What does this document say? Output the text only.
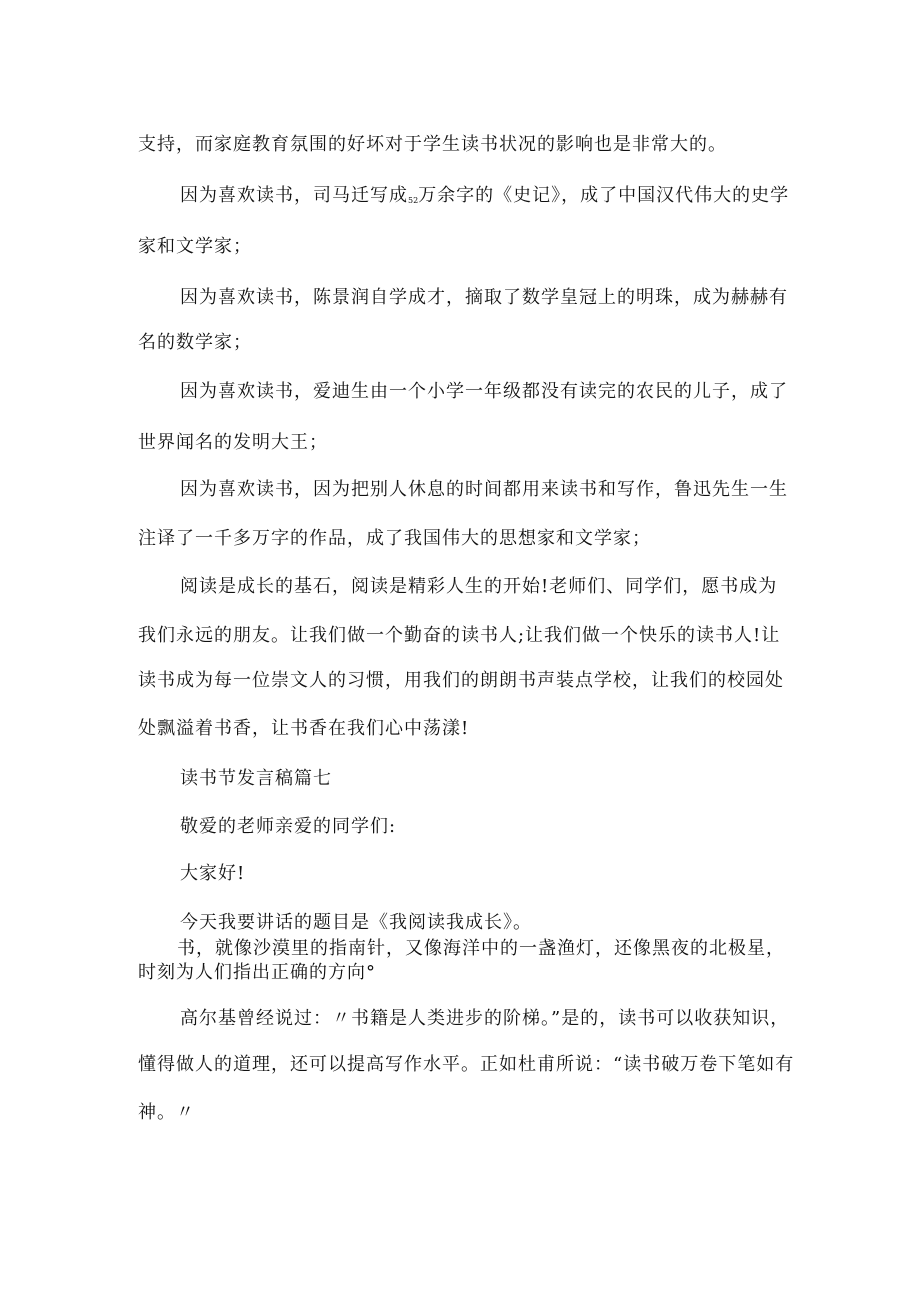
支持，而家庭教育氛围的好坏对于学生读书状况的影响也是非常大的。
因为喜欢读书，司马迁写成$_{52}$万余字的《史记》，成了中国汉代伟大的史学
家和文学家；
因为喜欢读书，陈景润自学成才，摘取了数学皇冠上的明珠，成为赫赫有
名的数学家；
因为喜欢读书，爱迪生由一个小学一年级都没有读完的农民的儿子，成了
世界闻名的发明大王；
因为喜欢读书，因为把别人休息的时间都用来读书和写作，鲁迅先生一生
注译了一千多万字的作品，成了我国伟大的思想家和文学家；
阅读是成长的基石，阅读是精彩人生的开始!老师们、同学们，愿书成为
我们永远的朋友。让我们做一个勤奋的读书人;让我们做一个快乐的读书人!让
读书成为每一位崇文人的习惯，用我们的朗朗书声装点学校，让我们的校园处
处飘溢着书香，让书香在我们心中荡漾!
读书节发言稿篇七
敬爱的老师亲爱的同学们:
大家好!
今天我要讲话的题目是《我阅读我成长》。
书，就像沙漠里的指南针，又像海洋中的一盏渔灯，还像黑夜的北极星，
时刻为人们指出正确的方向°
高尔基曾经说过：〃书籍是人类进步的阶梯。”是的，读书可以收获知识，
懂得做人的道理，还可以提高写作水平。正如杜甫所说：“读书破万卷下笔如有
神。〃
